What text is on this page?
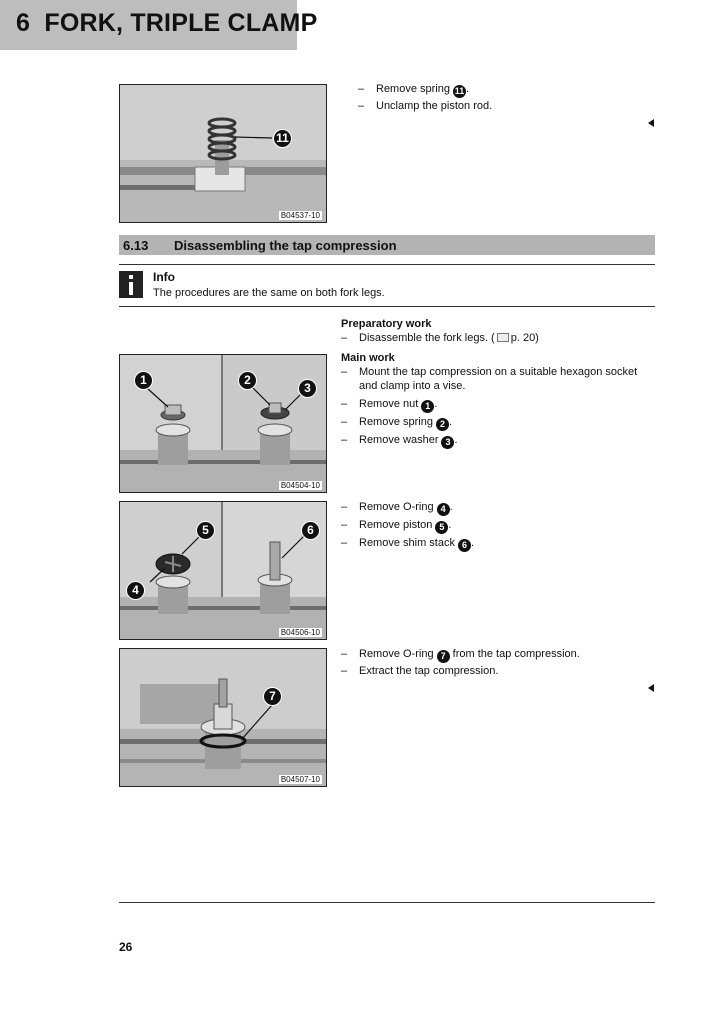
6 FORK, TRIPLE CLAMP
11
B04537-10
– Remove spring 11 .
– Unclamp the piston rod.
6.13 Disassembling the tap compression
Info
The procedures are the same on both fork legs.
Preparatory work
– Disassemble the fork legs. ( p. 20)
Main work
– Mount the tap compression on a suitable hexagon socket
and clamp into a vise.
– Remove nut 1 .
– Remove spring 2 .
– Remove washer 3 .
1	2
3
B04504-10
– Remove O-ring 4 .
– Remove piston 5 .
– Remove shim stack 6 .
5	6
4
B04506-10
– Remove O-ring 7 from the tap compression.
– Extract the tap compression.
7
B04507-10
26
